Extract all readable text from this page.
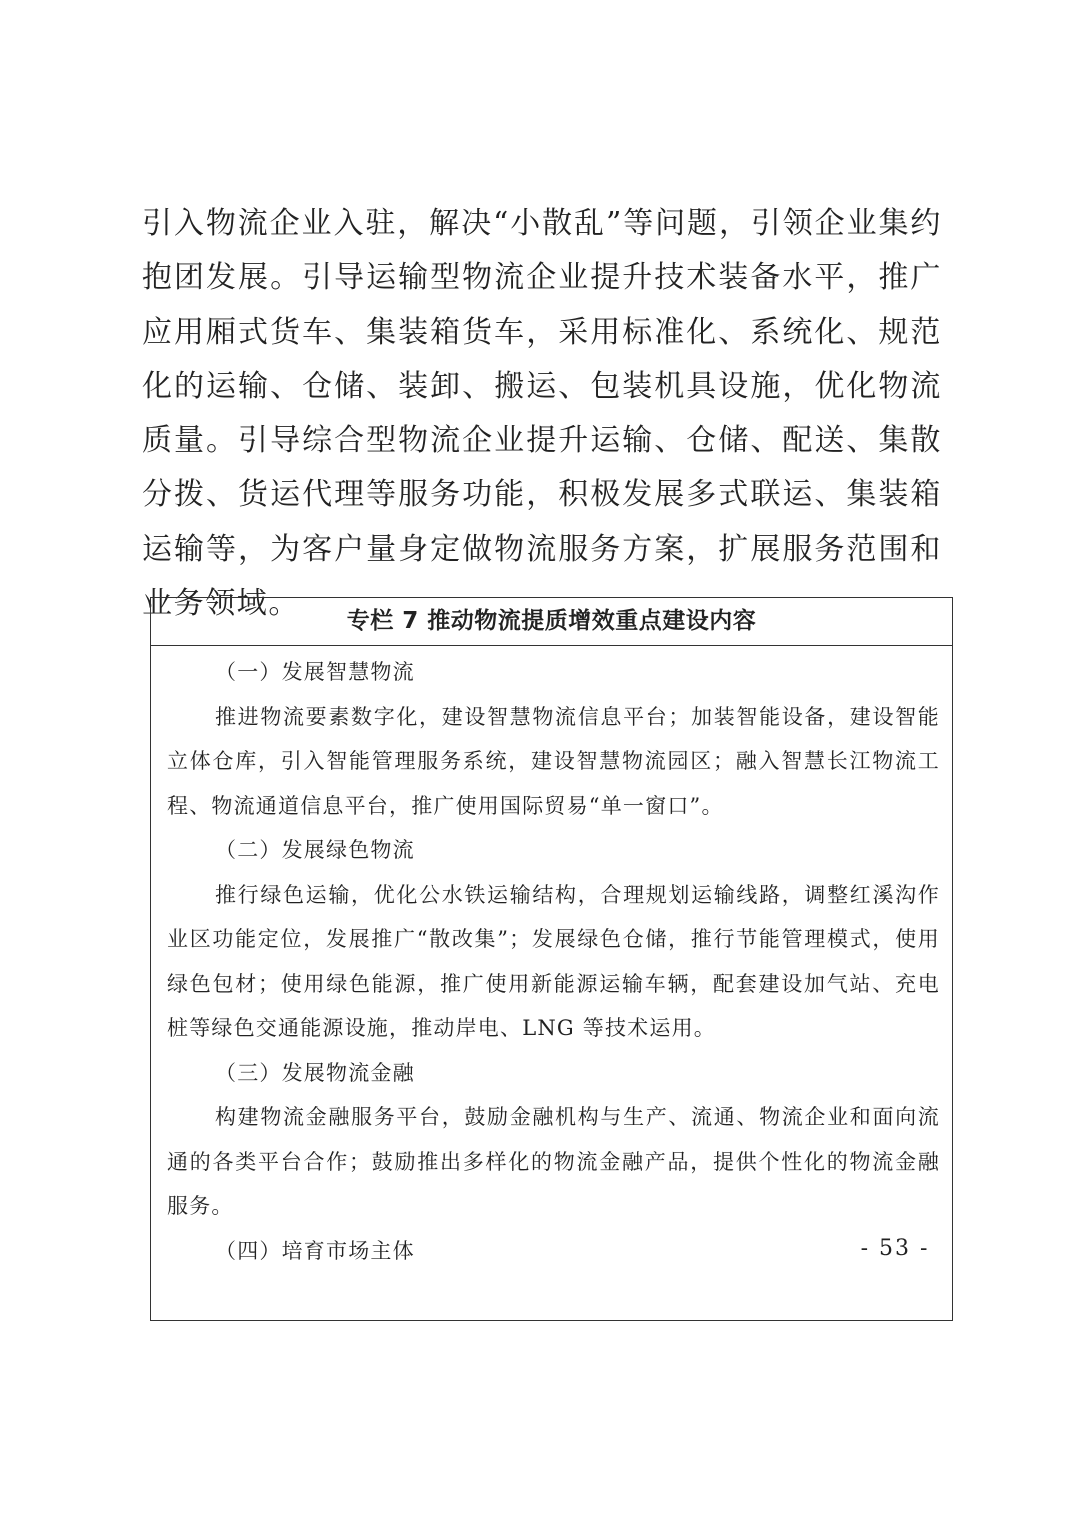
引入物流企业入驻，解决“小散乱”等问题，引领企业集约抱团发展。引导运输型物流企业提升技术装备水平，推广应用厢式货车、集装箱货车，采用标准化、系统化、规范化的运输、仓储、装卸、搬运、包装机具设施，优化物流质量。引导综合型物流企业提升运输、仓储、配送、集散分拨、货运代理等服务功能，积极发展多式联运、集装箱运输等，为客户量身定做物流服务方案，扩展服务范围和业务领域。	专栏 7 推动物流提质增效重点建设内容

（一）发展智慧物流

推进物流要素数字化，建设智慧物流信息平台；加装智能设备，建设智能立体仓库，引入智能管理服务系统，建设智慧物流园区；融入智慧长江物流工程、物流通道信息平台，推广使用国际贸易“单一窗口”。

（二）发展绿色物流

推行绿色运输，优化公水铁运输结构，合理规划运输线路，调整红溪沟作业区功能定位，发展推广“散改集”；发展绿色仓储，推行节能管理模式，使用绿色包材；使用绿色能源，推广使用新能源运输车辆，配套建设加气站、充电桩等绿色交通能源设施，推动岸电、LNG 等技术运用。

（三）发展物流金融

构建物流金融服务平台，鼓励金融机构与生产、流通、物流企业和面向流通的各类平台合作；鼓励推出多样化的物流金融产品，提供个性化的物流金融服务。

（四）培育市场主体	- 53 -
